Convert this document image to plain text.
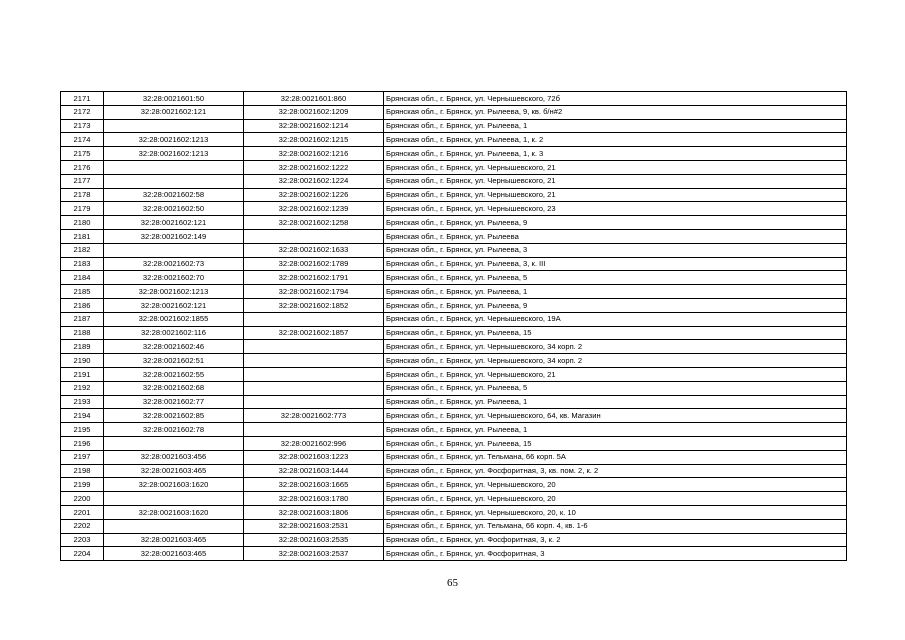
2171	32:28:0021601:50	32:28:0021601:860	Брянская обл., г. Брянск, ул. Чернышевского, 72б
2172	32:28:0021602:121	32:28:0021602:1209	Брянская обл., г. Брянск, ул. Рылеева, 9, кв. б/н#2
2173		32:28:0021602:1214	Брянская обл., г. Брянск, ул. Рылеева, 1
2174	32:28:0021602:1213	32:28:0021602:1215	Брянская обл., г. Брянск, ул. Рылеева, 1, к. 2
2175	32:28:0021602:1213	32:28:0021602:1216	Брянская обл., г. Брянск, ул. Рылеева, 1, к. 3
2176		32:28:0021602:1222	Брянская обл., г. Брянск, ул. Чернышевского, 21
2177		32:28:0021602:1224	Брянская обл., г. Брянск, ул. Чернышевского, 21
2178	32:28:0021602:58	32:28:0021602:1226	Брянская обл., г. Брянск, ул. Чернышевского, 21
2179	32:28:0021602:50	32:28:0021602:1239	Брянская обл., г. Брянск, ул. Чернышевского, 23
2180	32:28:0021602:121	32:28:0021602:1258	Брянская обл., г. Брянск, ул. Рылеева, 9
2181	32:28:0021602:149		Брянская обл., г. Брянск, ул. Рылеева
2182		32:28:0021602:1633	Брянская обл., г. Брянск, ул. Рылеева, 3
2183	32:28:0021602:73	32:28:0021602:1789	Брянская обл., г. Брянск, ул. Рылеева, 3, к. III
2184	32:28:0021602:70	32:28:0021602:1791	Брянская обл., г. Брянск, ул. Рылеева, 5
2185	32:28:0021602:1213	32:28:0021602:1794	Брянская обл., г. Брянск, ул. Рылеева, 1
2186	32:28:0021602:121	32:28:0021602:1852	Брянская обл., г. Брянск, ул. Рылеева, 9
2187	32:28:0021602:1855		Брянская обл., г. Брянск, ул. Чернышевского, 19А
2188	32:28:0021602:116	32:28:0021602:1857	Брянская обл., г. Брянск, ул. Рылеева, 15
2189	32:28:0021602:46		Брянская обл., г. Брянск, ул. Чернышевского, 34 корп. 2
2190	32:28:0021602:51		Брянская обл., г. Брянск, ул. Чернышевского, 34 корп. 2
2191	32:28:0021602:55		Брянская обл., г. Брянск, ул. Чернышевского, 21
2192	32:28:0021602:68		Брянская обл., г. Брянск, ул. Рылеева, 5
2193	32:28:0021602:77		Брянская обл., г. Брянск, ул. Рылеева, 1
2194	32:28:0021602:85	32:28:0021602:773	Брянская обл., г. Брянск, ул. Чернышевского, 64, кв. Магазин
2195	32:28:0021602:78		Брянская обл., г. Брянск, ул. Рылеева, 1
2196		32:28:0021602:996	Брянская обл., г. Брянск, ул. Рылеева, 15
2197	32:28:0021603:456	32:28:0021603:1223	Брянская обл., г. Брянск, ул. Тельмана, 66 корп. 5А
2198	32:28:0021603:465	32:28:0021603:1444	Брянская обл., г. Брянск, ул. Фосфоритная, 3, кв. пом. 2, к. 2
2199	32:28:0021603:1620	32:28:0021603:1665	Брянская обл., г. Брянск, ул. Чернышевского, 20
2200		32:28:0021603:1780	Брянская обл., г. Брянск, ул. Чернышевского, 20
2201	32:28:0021603:1620	32:28:0021603:1806	Брянская обл., г. Брянск, ул. Чернышевского, 20, к. 10
2202		32:28:0021603:2531	Брянская обл., г. Брянск, ул. Тельмана, 66 корп. 4, кв. 1-6
2203	32:28:0021603:465	32:28:0021603:2535	Брянская обл., г. Брянск, ул. Фосфоритная, 3, к. 2
2204	32:28:0021603:465	32:28:0021603:2537	Брянская обл., г. Брянск, ул. Фосфоритная, 3
65
